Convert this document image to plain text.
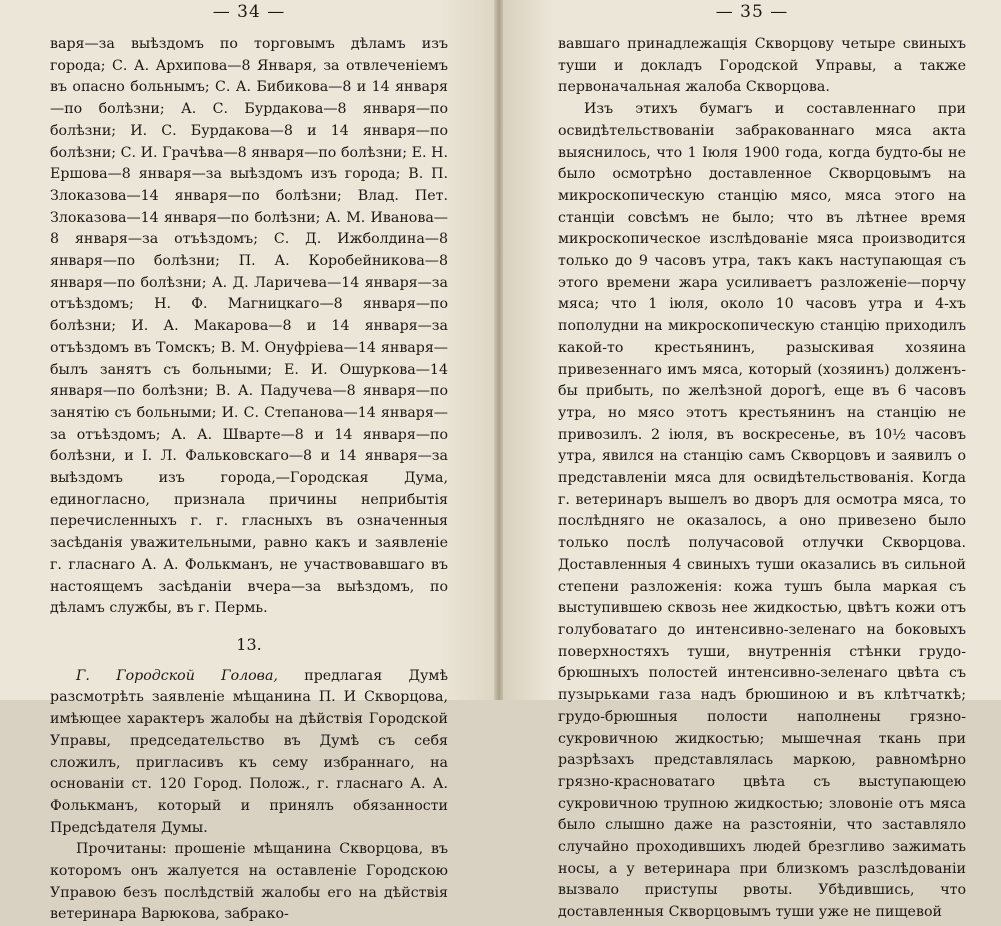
— 34 —

варя—за выѣздомъ по торговымъ дѣламъ изъ города; С. А. Архипова—8 Января, за отвлеченіемъ въ опасно больнымъ; С. А. Бибикова—8 и 14 января—по болѣзни; А. С. Бурдакова—8 января—по болѣзни; И. С. Бурдакова—8 и 14 января—по болѣзни; С. И. Грачѣва—8 января—по болѣзни; Е. Н. Ершова—8 января—за выѣздомъ изъ города; В. П. Злоказова—14 января—по болѣзни; Влад. Пет. Злоказова—14 января—по болѣзни; А. М. Иванова—8 января—за отъѣздомъ; С. Д. Ижболдина—8 января—по болѣзни; П. А. Коробейникова—8 января—по болѣзни; А. Д. Ларичева—14 января—за отъѣздомъ; Н. Ф. Магницкаго—8 января—по болѣзни; И. А. Макарова—8 и 14 января—за отъѣздомъ въ Томскъ; В. М. Онуфріева—14 января—былъ занятъ съ больными; Е. И. Ошуркова—14 января—по болѣзни; В. А. Падучева—8 января—по занятію съ больными; И. С. Степанова—14 января—за отъѣздомъ; А. А. Шварте—8 и 14 января—по болѣзни, и І. Л. Фальковскаго—8 и 14 января—за выѣздомъ изъ города,—Городская Дума, единогласно, признала причины неприбытія перечисленныхъ г. г. гласныхъ въ означенныя засѣданія уважительными, равно какъ и заявленіе г. гласнаго А. А. Фолькманъ, не участвовавшаго въ настоящемъ засѣданіи вчера—за выѣздомъ, по дѣламъ службы, въ г. Пермь.

13.

Г. Городской Голова, предлагая Думѣ разсмотрѣть заявленіе мѣщанина П. И Скворцова, имѣющее характеръ жалобы на дѣйствія Городской Управы, председательство въ Думѣ съ себя сложилъ, пригласивъ къ сему избраннаго, на основаніи ст. 120 Город. Полож., г. гласнаго А. А. Фолькманъ, который и принялъ обязанности Предсѣдателя Думы.

Прочитаны: прошеніе мѣщанина Скворцова, въ которомъ онъ жалуется на оставленіе Городскою Управою безъ послѣдствій жалобы его на дѣйствія ветеринара Варюкова, забрако-

— 35 —

вавшаго принадлежащія Скворцову четыре свиныхъ туши и докладъ Городской Управы, а также первоначальная жалоба Скворцова.

Изъ этихъ бумагъ и составленнаго при освидѣтельствованіи забракованнаго мяса акта выяснилось, что 1 Іюля 1900 года, когда будто-бы не было осмотрѣно доставленное Скворцовымъ на микроскопическую станцію мясо, мяса этого на станціи совсѣмъ не было; что въ лѣтнее время микроскопическое изслѣдованіе мяса производится только до 9 часовъ утра, такъ какъ наступающая съ этого времени жара усиливаетъ разложеніе—порчу мяса; что 1 іюля, около 10 часовъ утра и 4-хъ пополудни на микроскопическую станцію приходилъ какой-то крестьянинъ, разыскивая хозяина привезеннаго имъ мяса, который (хозяинъ) долженъ-бы прибыть, по желѣзной дорогѣ, еще въ 6 часовъ утра, но мясо этотъ крестьянинъ на станцію не привозилъ. 2 іюля, въ воскресенье, въ 10½ часовъ утра, явился на станцію самъ Скворцовъ и заявилъ о представленіи мяса для освидѣтельствованія. Когда г. ветеринаръ вышелъ во дворъ для осмотра мяса, то послѣдняго не оказалось, а оно привезено было только послѣ получасовой отлучки Скворцова. Доставленныя 4 свиныхъ туши оказались въ сильной степени разложенія: кожа тушъ была маркая съ выступившею сквозь нее жидкостью, цвѣтъ кожи отъ голубоватаго до интенсивно-зеленаго на боковыхъ поверхностяхъ туши, внутреннія стѣнки грудо-брюшныхъ полостей интенсивно-зеленаго цвѣта съ пузырьками газа надъ брюшиною и въ клѣтчаткѣ; грудо-брюшныя полости наполнены грязно-сукровичною жидкостью; мышечная ткань при разрѣзахъ представлялась маркою, равномѣрно грязно-красноватаго цвѣта съ выступающею сукровичною трупною жидкостью; зловоніе отъ мяса было слышно даже на разстояніи, что заставляло случайно проходившихъ людей брезгливо зажимать носы, а у ветеринара при близкомъ разслѣдованіи вызвало приступы рвоты. Убѣдившись, что доставленныя Скворцовымъ туши уже не пищевой
